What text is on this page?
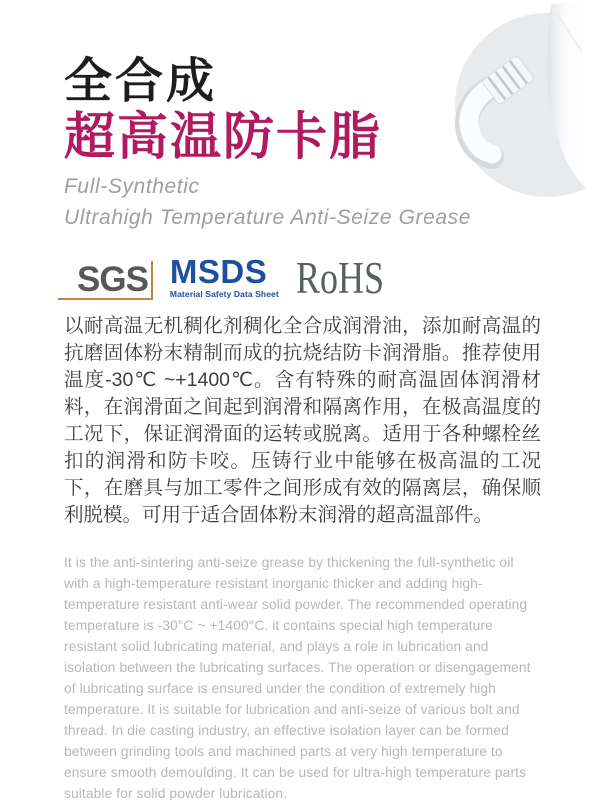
全合成
超高温防卡脂
Full-Synthetic
Ultrahigh Temperature Anti-Seize Grease
SGS MSDS
Material Safety Data Sheet RoHS

以耐高温无机稠化剂稠化全合成润滑油，添加耐高温的抗磨固体粉末精制而成的抗烧结防卡润滑脂。推荐使用温度-30℃ ~+1400℃。含有特殊的耐高温固体润滑材料，在润滑面之间起到润滑和隔离作用，在极高温度的工况下，保证润滑面的运转或脱离。适用于各种螺栓丝扣的润滑和防卡咬。压铸行业中能够在极高温的工况下，在磨具与加工零件之间形成有效的隔离层，确保顺利脱模。可用于适合固体粉末润滑的超高温部件。

It is the anti-sintering anti-seize grease by thickening the full-synthetic oil with a high-temperature resistant inorganic thicker and adding high-temperature resistant anti-wear solid powder. The recommended operating temperature is -30°C ~ +1400°C. it contains special high temperature resistant solid lubricating material, and plays a role in lubrication and isolation between the lubricating surfaces. The operation or disengagement of lubricating surface is ensured under the condition of extremely high temperature. It is suitable for lubrication and anti-seize of various bolt and thread. In die casting industry, an effective isolation layer can be formed between grinding tools and machined parts at very high temperature to ensure smooth demoulding. It can be used for ultra-high temperature parts suitable for solid powder lubrication.
